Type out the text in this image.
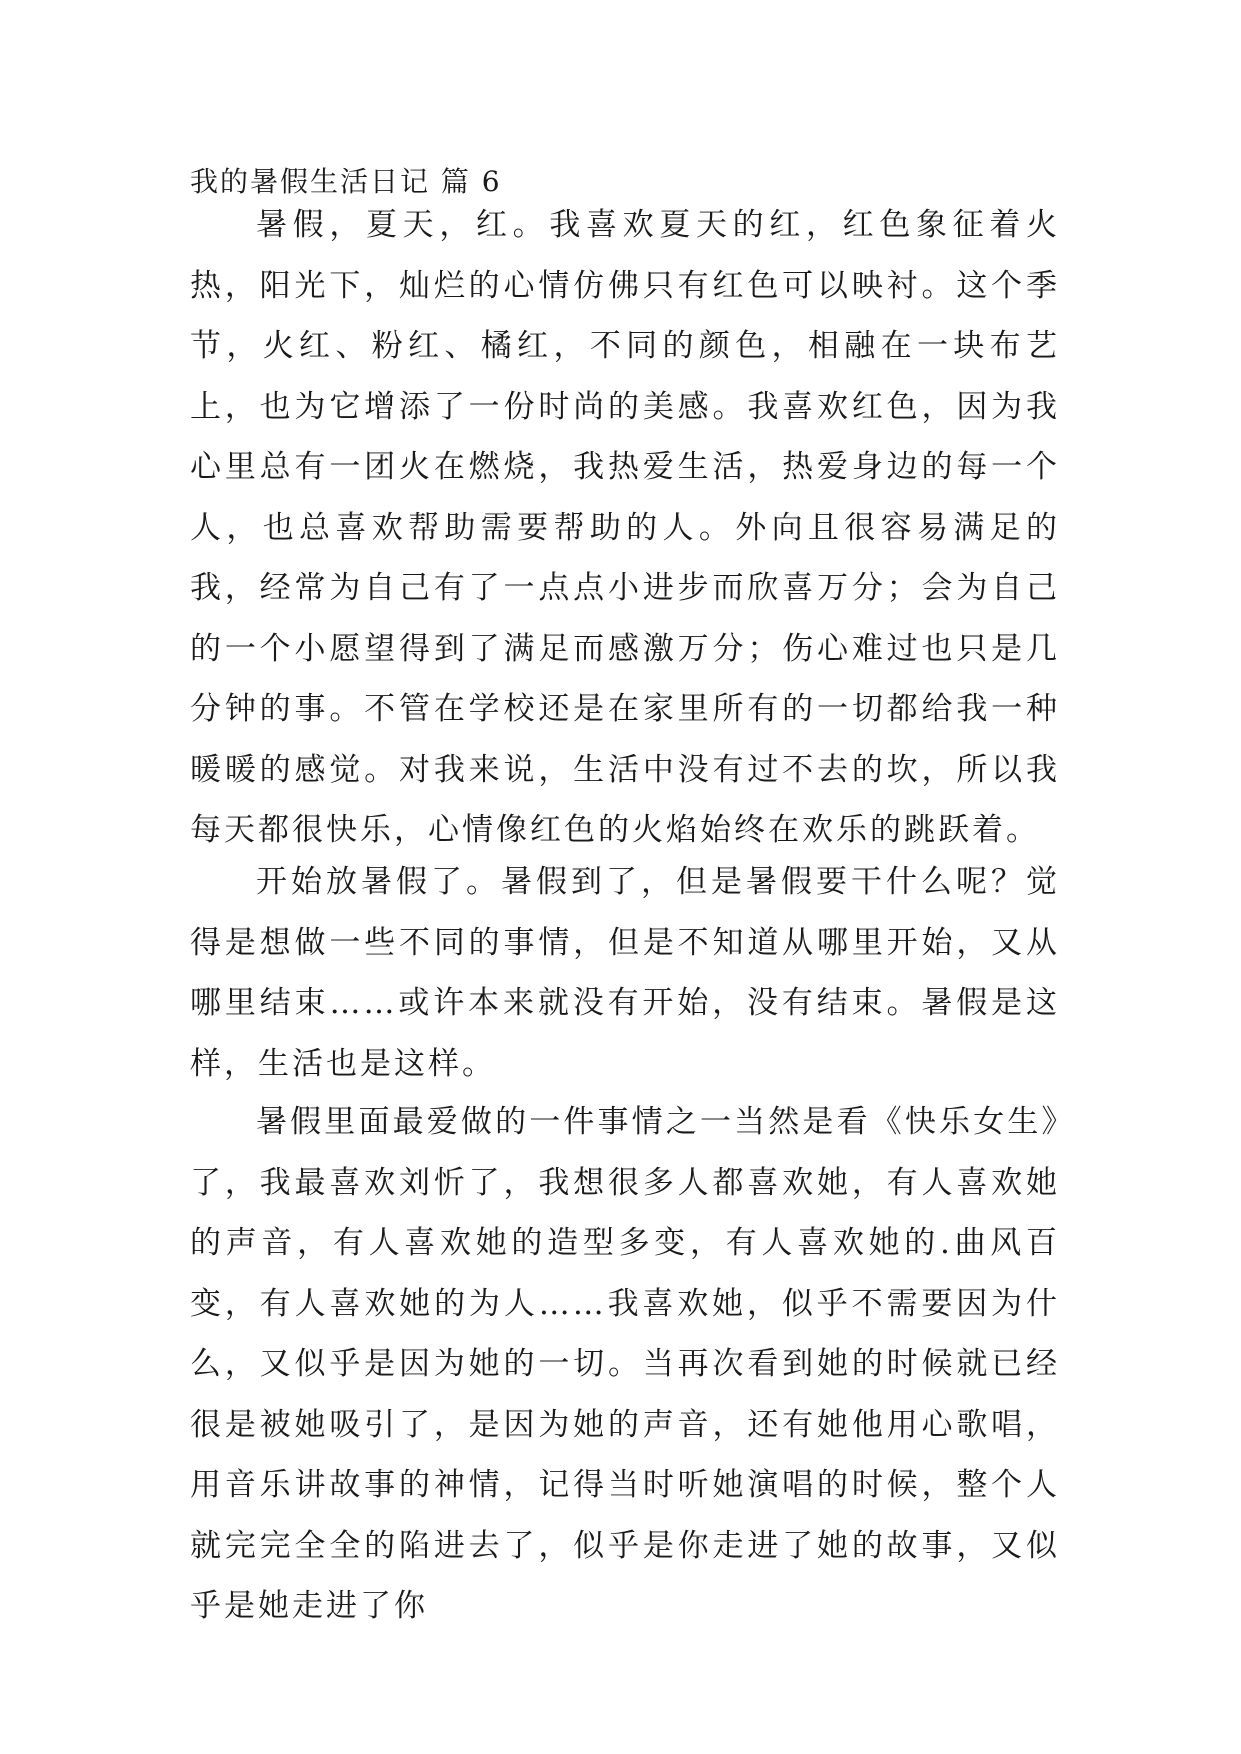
我的暑假生活日记 篇 6

暑假，夏天，红。我喜欢夏天的红，红色象征着火热，阳光下，灿烂的心情仿佛只有红色可以映衬。这个季节，火红、粉红、橘红，不同的颜色，相融在一块布艺上，也为它增添了一份时尚的美感。我喜欢红色，因为我心里总有一团火在燃烧，我热爱生活，热爱身边的每一个人，也总喜欢帮助需要帮助的人。外向且很容易满足的我，经常为自己有了一点点小进步而欣喜万分；会为自己的一个小愿望得到了满足而感激万分；伤心难过也只是几分钟的事。不管在学校还是在家里所有的一切都给我一种暖暖的感觉。对我来说，生活中没有过不去的坎，所以我每天都很快乐，心情像红色的火焰始终在欢乐的跳跃着。

开始放暑假了。暑假到了，但是暑假要干什么呢？觉得是想做一些不同的事情，但是不知道从哪里开始，又从哪里结束……或许本来就没有开始，没有结束。暑假是这样，生活也是这样。

暑假里面最爱做的一件事情之一当然是看《快乐女生》了，我最喜欢刘忻了，我想很多人都喜欢她，有人喜欢她的声音，有人喜欢她的造型多变，有人喜欢她的.曲风百变，有人喜欢她的为人……我喜欢她，似乎不需要因为什么，又似乎是因为她的一切。当再次看到她的时候就已经很是被她吸引了，是因为她的声音，还有她他用心歌唱，用音乐讲故事的神情，记得当时听她演唱的时候，整个人就完完全全的陷进去了，似乎是你走进了她的故事，又似乎是她走进了你
